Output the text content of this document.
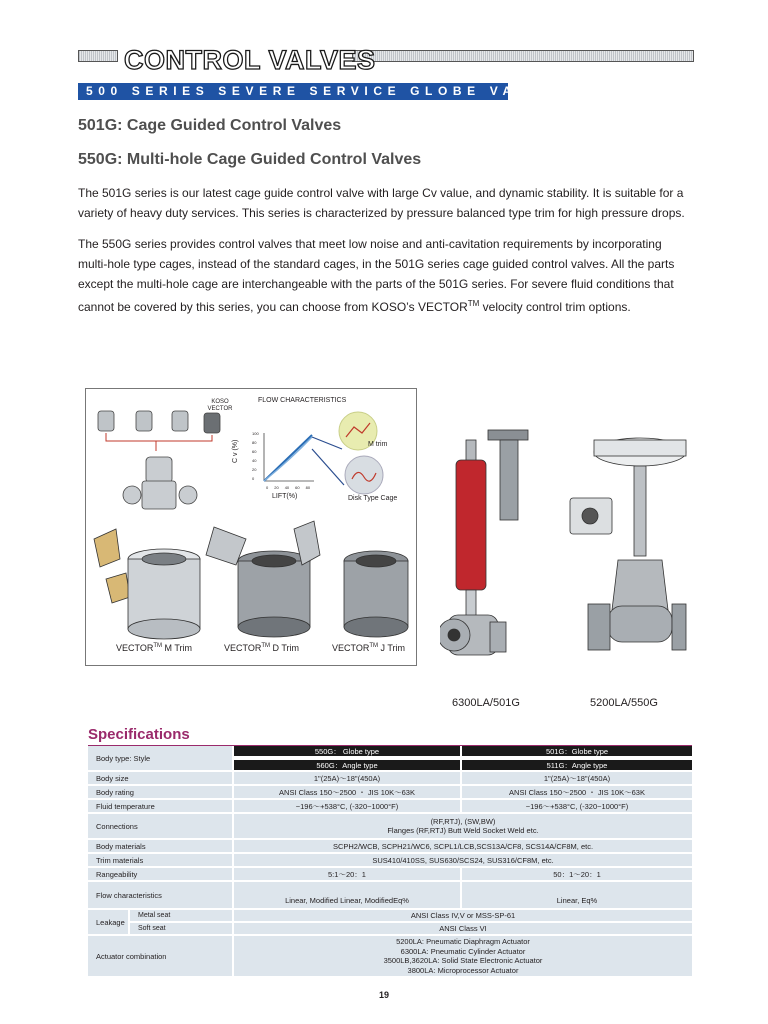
CONTROL VALVES
500 SERIES SEVERE SERVICE GLOBE VALVES
501G: Cage Guided Control Valves
550G: Multi-hole Cage Guided Control Valves
The 501G series is our latest cage guide control valve with large Cv value, and dynamic stability. It is suitable for a variety of heavy duty services. This series is characterized by pressure balanced type trim for high pressure drops.
The 550G series provides control valves that meet low noise and anti-cavitation requirements by incorporating multi-hole type cages, instead of the standard cages, in the 501G series cage guided control valves. All the parts except the multi-hole cage are interchangeable with the parts of the 501G series. For severe fluid conditions that cannot be covered by this series, you can choose from KOSO’s VECTOR™ velocity control trim options.
KOSO VECTOR
FLOW CHARACTERISTICS
100
80
60
40
20
0
0 20 40 60 80
C v (%)
LIFT(%)
M trim
Disk Type Cage
VECTOR™ M Trim	VECTOR™ D Trim	VECTOR™ J Trim
6300LA/501G	5200LA/550G
Specifications
Body type: Style
550G： Globe type	501G：Globe type
560G：Angle type	511G：Angle type
Body size	1"(25A)～18"(450A)	1"(25A)～18"(450A)
Body rating	ANSI Class 150～2500 ・ JIS 10K～63K	ANSI Class 150～2500 ・ JIS 10K～63K
Fluid temperature	−196～+538°C, (-320~1000°F)	−196～+538°C, (-320~1000°F)
Connections	(RF,RTJ), (SW,BW)
Flanges (RF,RTJ) Butt Weld Socket Weld etc.
Body materials	SCPH2/WCB, SCPH21/WC6, SCPL1/LCB,SCS13A/CF8, SCS14A/CF8M, etc.
Trim materials	SUS410/410SS, SUS630/SCS24, SUS316/CF8M, etc.
Rangeability	5:1～20：1	50：1～20：1
Flow characteristics
Linear, Modified Linear, ModifiedEq%	Linear, Eq%
Leakage
Metal seat	ANSI Class IV,V or MSS-SP-61
Soft seat	ANSI Class VI
Actuator combination
5200LA: Pneumatic Diaphragm Actuator
6300LA: Pneumatic Cylinder Actuator
3500LB,3620LA: Solid State Electronic Actuator
3800LA: Microprocessor Actuator
19
